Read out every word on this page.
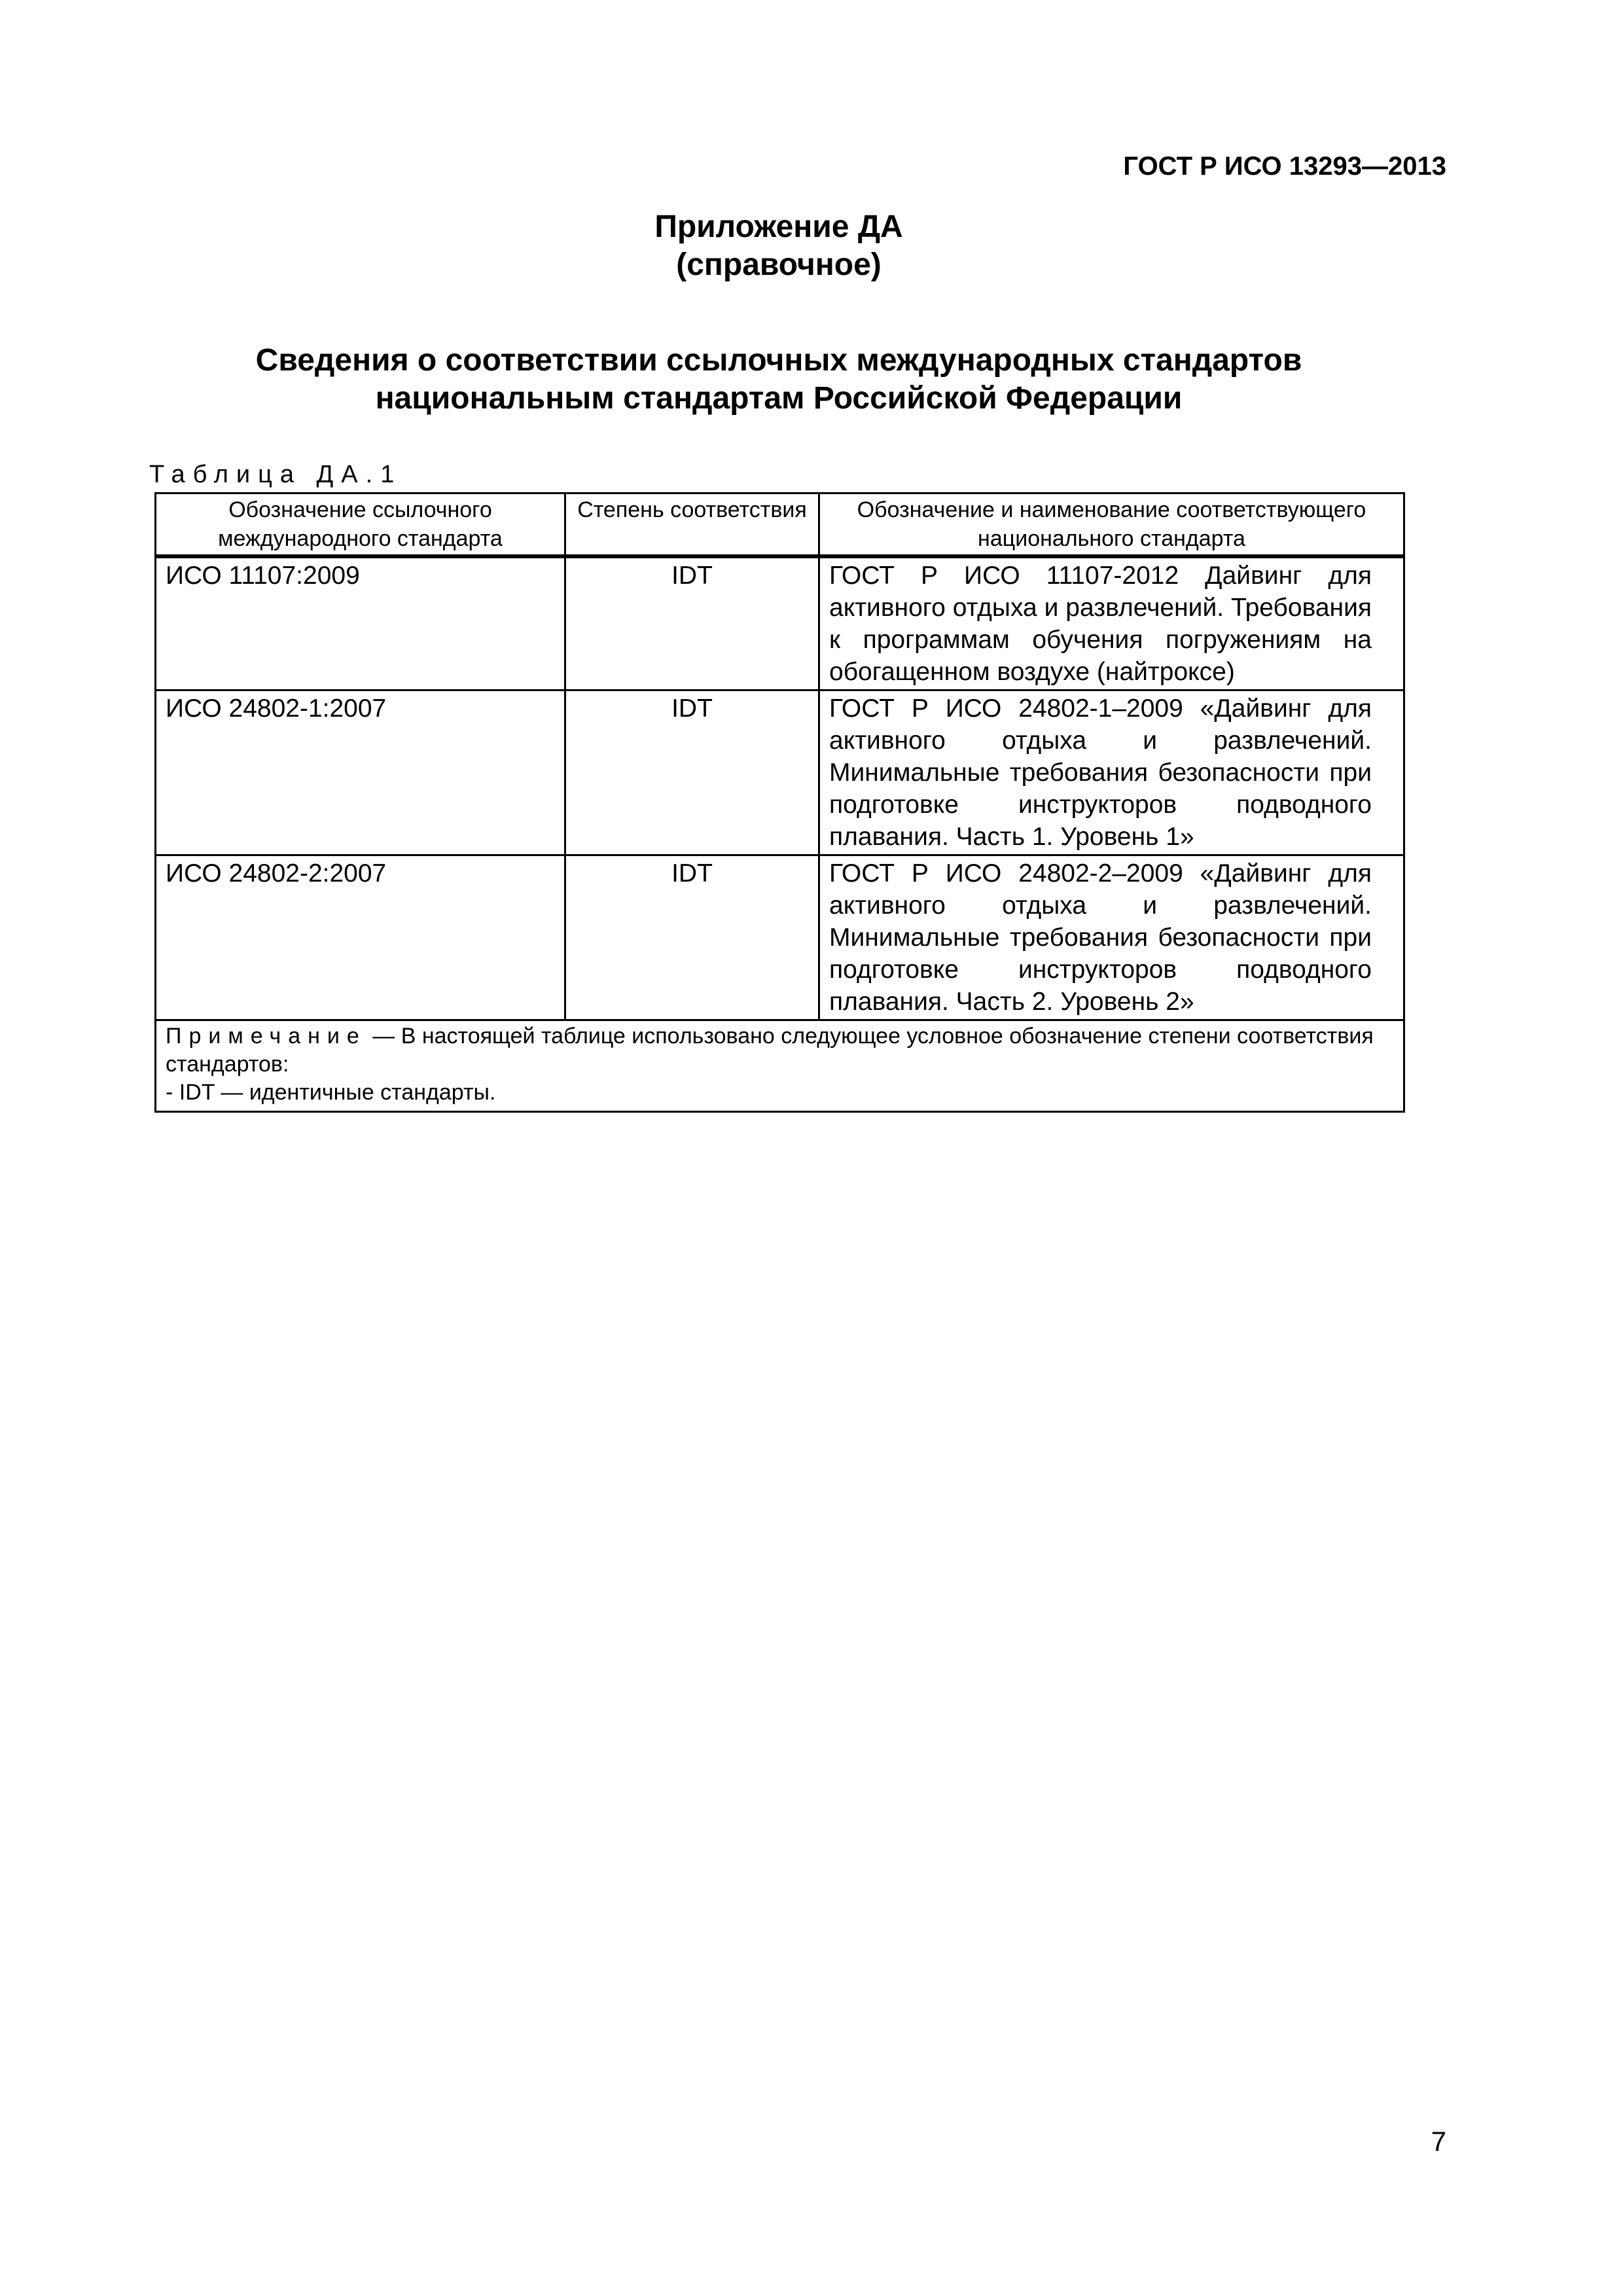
ГОСТ Р ИСО 13293—2013
Приложение ДА
(справочное)
Сведения о соответствии ссылочных международных стандартов
национальным стандартам Российской Федерации
Таблица ДА.1
Обозначение ссылочного международного стандарта	Степень соответствия	Обозначение и наименование соответствующего национального стандарта
ИСО 11107:2009	IDT	ГОСТ Р ИСО 11107-2012 Дайвинг для активного отдыха и развлечений. Требования к программам обучения погружениям на обогащенном воздухе (найтроксе)
ИСО 24802-1:2007	IDT	ГОСТ Р ИСО 24802-1–2009 «Дайвинг для активного отдыха и развлечений. Минимальные требования безопасности при подготовке инструкторов подводного плавания. Часть 1. Уровень 1»
ИСО 24802-2:2007	IDT	ГОСТ Р ИСО 24802-2–2009 «Дайвинг для активного отдыха и развлечений. Минимальные требования безопасности при подготовке инструкторов подводного плавания. Часть 2. Уровень 2»
Примечание — В настоящей таблице использовано следующее условное обозначение степени соответствия стандартов:
- IDT — идентичные стандарты.		
7
